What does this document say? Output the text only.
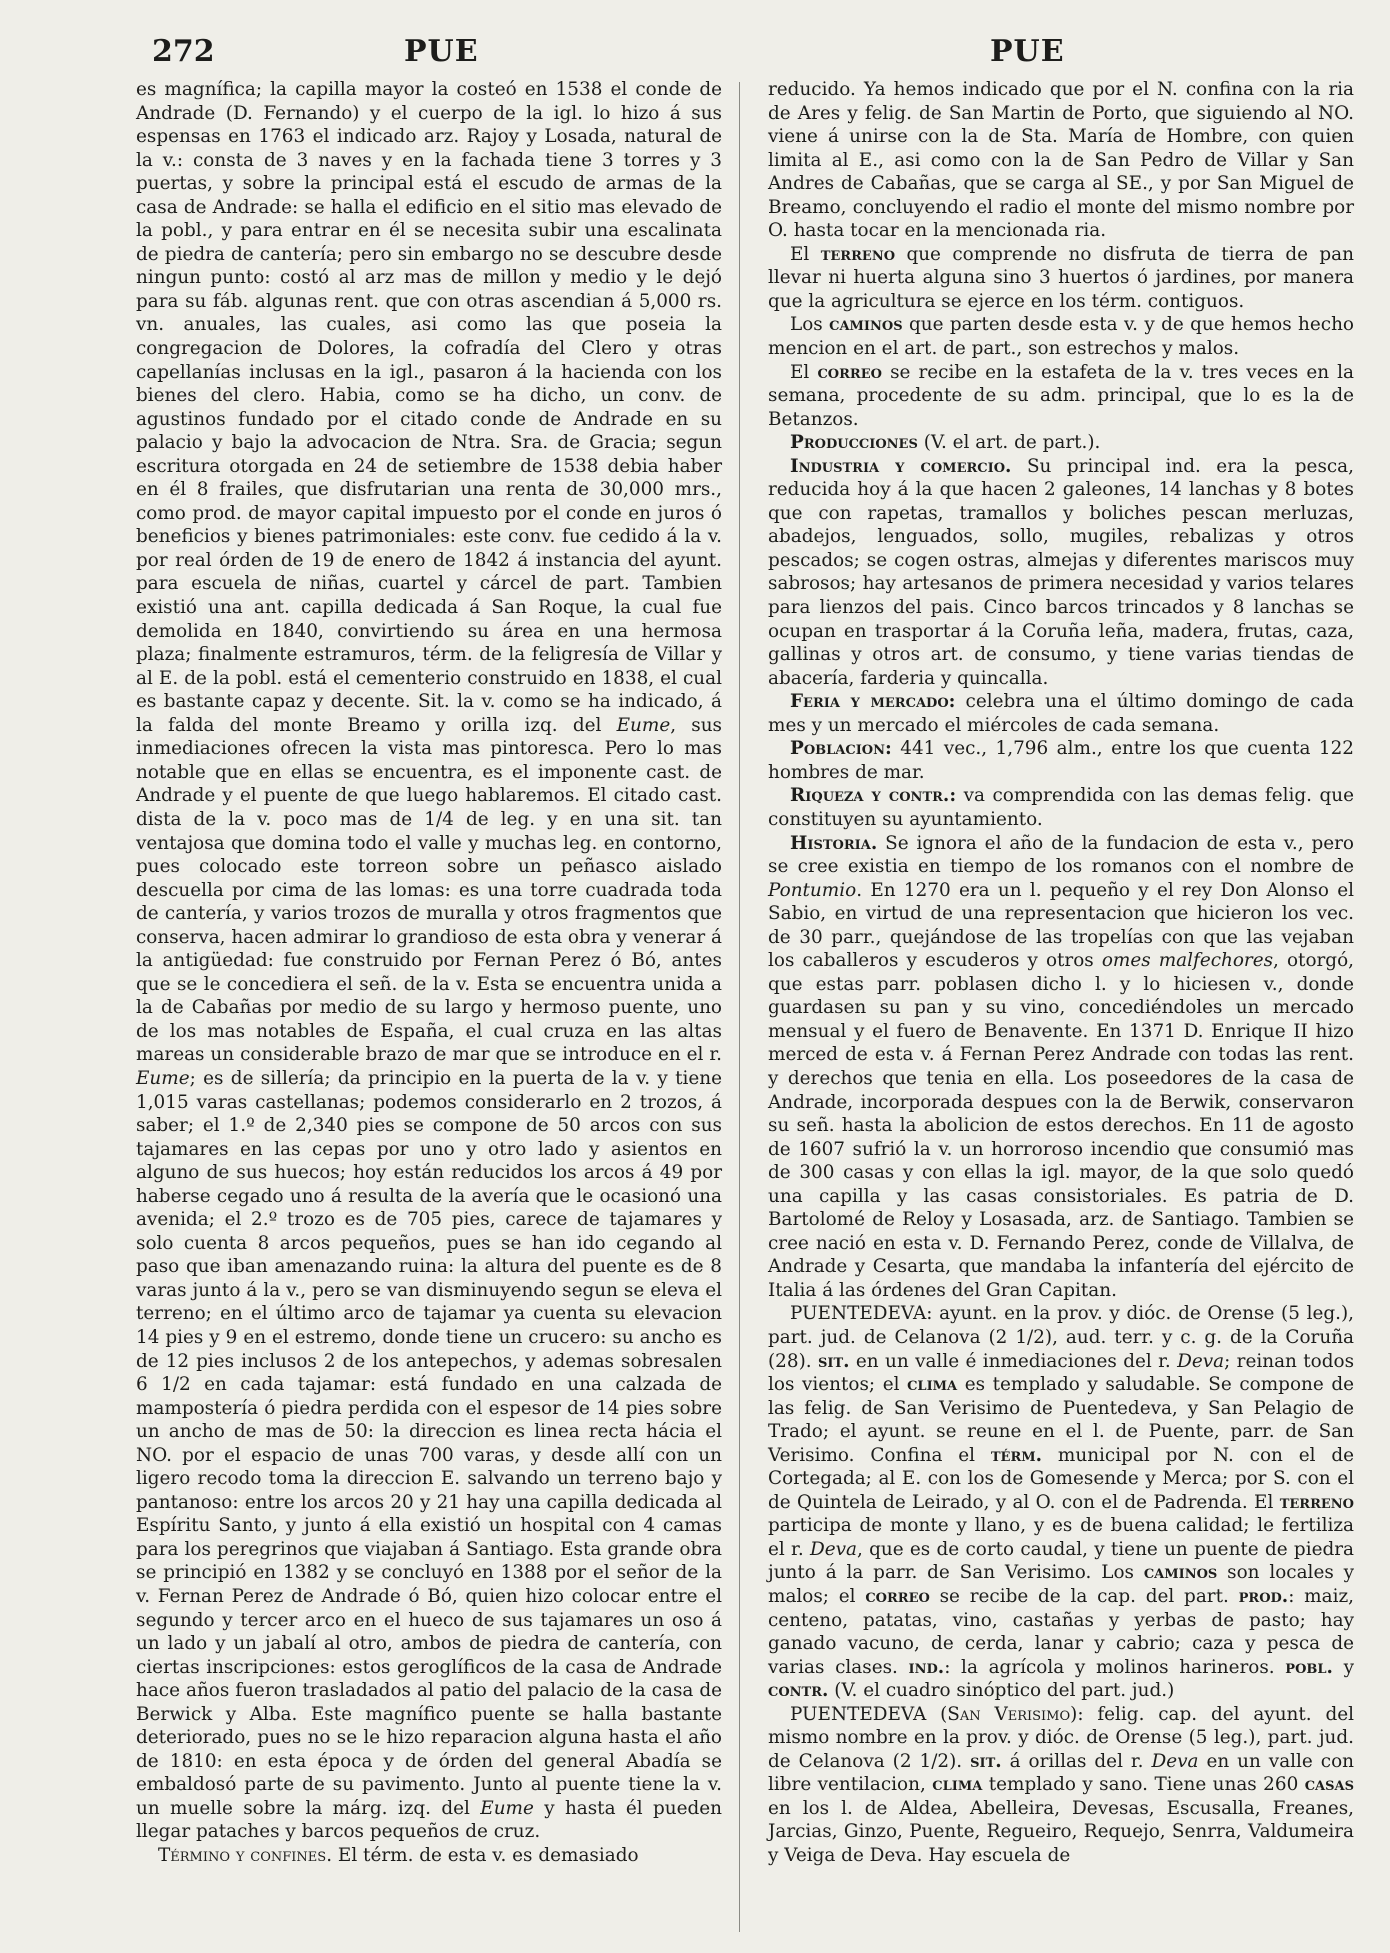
272	PUE	PUE

es magnífica; la capilla mayor la costeó en 1538 el conde de Andrade (D. Fernando) y el cuerpo de la igl. lo hizo á sus espensas en 1763 el indicado arz. Rajoy y Losada, natural de la v.: consta de 3 naves y en la fachada tiene 3 torres y 3 puertas, y sobre la principal está el escudo de armas de la casa de Andrade: se halla el edificio en el sitio mas elevado de la pobl., y para entrar en él se necesita subir una escalinata de piedra de cantería; pero sin embargo no se descubre desde ningun punto: costó al arz mas de millon y medio y le dejó para su fáb. algunas rent. que con otras ascendian á 5,000 rs. vn. anuales, las cuales, asi como las que poseia la congregacion de Dolores, la cofradía del Clero y otras capellanías inclusas en la igl., pasaron á la hacienda con los bienes del clero. Habia, como se ha dicho, un conv. de agustinos fundado por el citado conde de Andrade en su palacio y bajo la advocacion de Ntra. Sra. de Gracia; segun escritura otorgada en 24 de setiembre de 1538 debia haber en él 8 frailes, que disfrutarian una renta de 30,000 mrs., como prod. de mayor capital impuesto por el conde en juros ó beneficios y bienes patrimoniales: este conv. fue cedido á la v. por real órden de 19 de enero de 1842 á instancia del ayunt. para escuela de niñas, cuartel y cárcel de part. Tambien existió una ant. capilla dedicada á San Roque, la cual fue demolida en 1840, convirtiendo su área en una hermosa plaza; finalmente estramuros, térm. de la feligresía de Villar y al E. de la pobl. está el cementerio construido en 1838, el cual es bastante capaz y decente. Sit. la v. como se ha indicado, á la falda del monte Breamo y orilla izq. del Eume, sus inmediaciones ofrecen la vista mas pintoresca. Pero lo mas notable que en ellas se encuentra, es el imponente cast. de Andrade y el puente de que luego hablaremos. El citado cast. dista de la v. poco mas de 1/4 de leg. y en una sit. tan ventajosa que domina todo el valle y muchas leg. en contorno, pues colocado este torreon sobre un peñasco aislado descuella por cima de las lomas: es una torre cuadrada toda de cantería, y varios trozos de muralla y otros fragmentos que conserva, hacen admirar lo grandioso de esta obra y venerar á la antigüedad: fue construido por Fernan Perez ó Bó, antes que se le concediera el señ. de la v. Esta se encuentra unida a la de Cabañas por medio de su largo y hermoso puente, uno de los mas notables de España, el cual cruza en las altas mareas un considerable brazo de mar que se introduce en el r. Eume; es de sillería; da principio en la puerta de la v. y tiene 1,015 varas castellanas; podemos considerarlo en 2 trozos, á saber; el 1.º de 2,340 pies se compone de 50 arcos con sus tajamares en las cepas por uno y otro lado y asientos en alguno de sus huecos; hoy están reducidos los arcos á 49 por haberse cegado uno á resulta de la avería que le ocasionó una avenida; el 2.º trozo es de 705 pies, carece de tajamares y solo cuenta 8 arcos pequeños, pues se han ido cegando al paso que iban amenazando ruina: la altura del puente es de 8 varas junto á la v., pero se van disminuyendo segun se eleva el terreno; en el último arco de tajamar ya cuenta su elevacion 14 pies y 9 en el estremo, donde tiene un crucero: su ancho es de 12 pies inclusos 2 de los antepechos, y ademas sobresalen 6 1/2 en cada tajamar: está fundado en una calzada de mampostería ó piedra perdida con el espesor de 14 pies sobre un ancho de mas de 50: la direccion es linea recta hácia el NO. por el espacio de unas 700 varas, y desde allí con un ligero recodo toma la direccion E. salvando un terreno bajo y pantanoso: entre los arcos 20 y 21 hay una capilla dedicada al Espíritu Santo, y junto á ella existió un hospital con 4 camas para los peregrinos que viajaban á Santiago. Esta grande obra se principió en 1382 y se concluyó en 1388 por el señor de la v. Fernan Perez de Andrade ó Bó, quien hizo colocar entre el segundo y tercer arco en el hueco de sus tajamares un oso á un lado y un jabalí al otro, ambos de piedra de cantería, con ciertas inscripciones: estos geroglíficos de la casa de Andrade hace años fueron trasladados al patio del palacio de la casa de Berwick y Alba. Este magnífico puente se halla bastante deteriorado, pues no se le hizo reparacion alguna hasta el año de 1810: en esta época y de órden del general Abadía se embaldosó parte de su pavimento. Junto al puente tiene la v. un muelle sobre la márg. izq. del Eume y hasta él pueden llegar pataches y barcos pequeños de cruz.

Término y confines. El térm. de esta v. es demasiado

reducido. Ya hemos indicado que por el N. confina con la ria de Ares y felig. de San Martin de Porto, que siguiendo al NO. viene á unirse con la de Sta. María de Hombre, con quien limita al E., asi como con la de San Pedro de Villar y San Andres de Cabañas, que se carga al SE., y por San Miguel de Breamo, concluyendo el radio el monte del mismo nombre por O. hasta tocar en la mencionada ria.

El terreno que comprende no disfruta de tierra de pan llevar ni huerta alguna sino 3 huertos ó jardines, por manera que la agricultura se ejerce en los térm. contiguos.

Los caminos que parten desde esta v. y de que hemos hecho mencion en el art. de part., son estrechos y malos.

El correo se recibe en la estafeta de la v. tres veces en la semana, procedente de su adm. principal, que lo es la de Betanzos.

Producciones (V. el art. de part.).

Industria y comercio. Su principal ind. era la pesca, reducida hoy á la que hacen 2 galeones, 14 lanchas y 8 botes que con rapetas, tramallos y boliches pescan merluzas, abadejos, lenguados, sollo, mugiles, rebalizas y otros pescados; se cogen ostras, almejas y diferentes mariscos muy sabrosos; hay artesanos de primera necesidad y varios telares para lienzos del pais. Cinco barcos trincados y 8 lanchas se ocupan en trasportar á la Coruña leña, madera, frutas, caza, gallinas y otros art. de consumo, y tiene varias tiendas de abacería, farderia y quincalla.

Feria y mercado: celebra una el último domingo de cada mes y un mercado el miércoles de cada semana.

Poblacion: 441 vec., 1,796 alm., entre los que cuenta 122 hombres de mar.

Riqueza y contr.: va comprendida con las demas felig. que constituyen su ayuntamiento.

Historia. Se ignora el año de la fundacion de esta v., pero se cree existia en tiempo de los romanos con el nombre de Pontumio. En 1270 era un l. pequeño y el rey Don Alonso el Sabio, en virtud de una representacion que hicieron los vec. de 30 parr., quejándose de las tropelías con que las vejaban los caballeros y escuderos y otros omes malfechores, otorgó, que estas parr. poblasen dicho l. y lo hiciesen v., donde guardasen su pan y su vino, concediéndoles un mercado mensual y el fuero de Benavente. En 1371 D. Enrique II hizo merced de esta v. á Fernan Perez Andrade con todas las rent. y derechos que tenia en ella. Los poseedores de la casa de Andrade, incorporada despues con la de Berwik, conservaron su señ. hasta la abolicion de estos derechos. En 11 de agosto de 1607 sufrió la v. un horroroso incendio que consumió mas de 300 casas y con ellas la igl. mayor, de la que solo quedó una capilla y las casas consistoriales. Es patria de D. Bartolomé de Reloy y Losasada, arz. de Santiago. Tambien se cree nació en esta v. D. Fernando Perez, conde de Villalva, de Andrade y Cesarta, que mandaba la infantería del ejército de Italia á las órdenes del Gran Capitan.

PUENTEDEVA: ayunt. en la prov. y dióc. de Orense (5 leg.), part. jud. de Celanova (2 1/2), aud. terr. y c. g. de la Coruña (28). sit. en un valle é inmediaciones del r. Deva; reinan todos los vientos; el clima es templado y saludable. Se compone de las felig. de San Verisimo de Puentedeva, y San Pelagio de Trado; el ayunt. se reune en el l. de Puente, parr. de San Verisimo. Confina el térm. municipal por N. con el de Cortegada; al E. con los de Gomesende y Merca; por S. con el de Quintela de Leirado, y al O. con el de Padrenda. El terreno participa de monte y llano, y es de buena calidad; le fertiliza el r. Deva, que es de corto caudal, y tiene un puente de piedra junto á la parr. de San Verisimo. Los caminos son locales y malos; el correo se recibe de la cap. del part. prod.: maiz, centeno, patatas, vino, castañas y yerbas de pasto; hay ganado vacuno, de cerda, lanar y cabrio; caza y pesca de varias clases. ind.: la agrícola y molinos harineros. pobl. y contr. (V. el cuadro sinóptico del part. jud.)

PUENTEDEVA (San Verisimo): felig. cap. del ayunt. del mismo nombre en la prov. y dióc. de Orense (5 leg.), part. jud. de Celanova (2 1/2). sit. á orillas del r. Deva en un valle con libre ventilacion, clima templado y sano. Tiene unas 260 casas en los l. de Aldea, Abelleira, Devesas, Escusalla, Freanes, Jarcias, Ginzo, Puente, Regueiro, Requejo, Senrra, Valdumeira y Veiga de Deva. Hay escuela de
